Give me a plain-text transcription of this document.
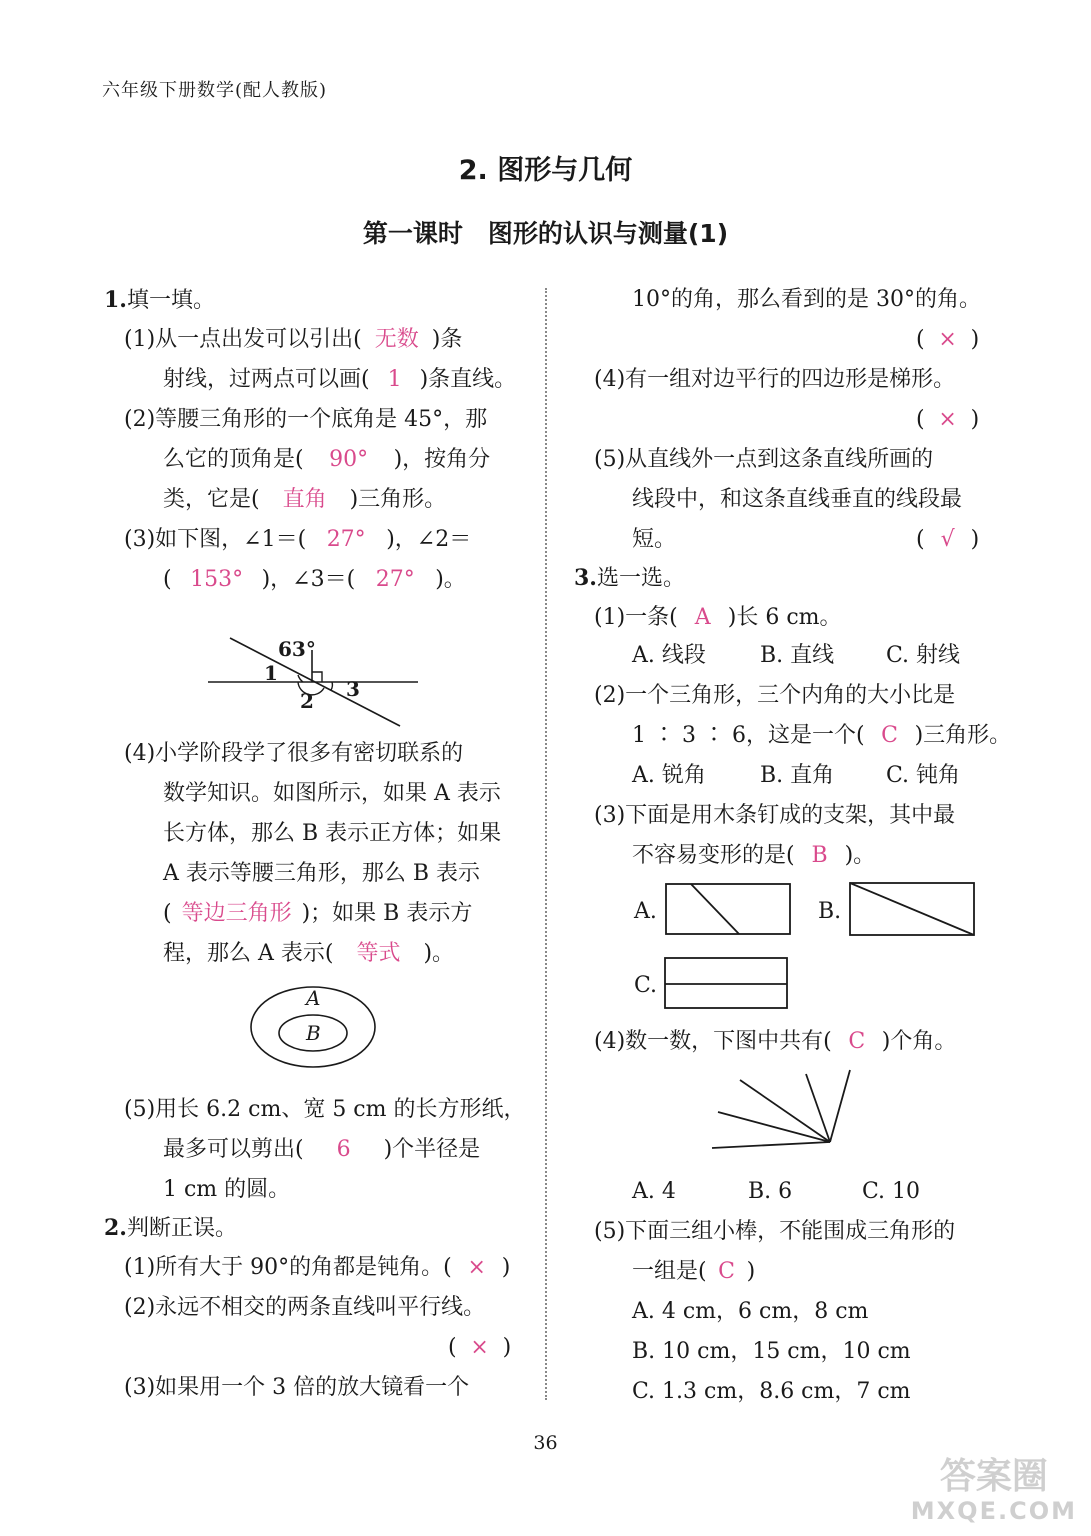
六年级下册数学(配人教版)
2. 图形与几何
第一课时　图形的认识与测量(1)
1.填一填。
(1)从一点出发可以引出( 无数 )条
射线，过两点可以画( 1 )条直线。
(2)等腰三角形的一个底角是 45°，那
么它的顶角是( 90° )，按角分
类，它是( 直角 )三角形。
(3)如下图，∠1＝( 27° )，∠2＝
( 153° )，∠3＝( 27° )。
63°
1
2 3
(4)小学阶段学了很多有密切联系的
数学知识。如图所示，如果 A 表示
长方体，那么 B 表示正方体；如果
A 表示等腰三角形，那么 B 表示
( 等边三角形 )；如果 B 表示方
程，那么 A 表示( 等式 )。
A
B
(5)用长 6.2 cm、宽 5 cm 的长方形纸，
最多可以剪出( 6 )个半径是
1 cm 的圆。
2.判断正误。
(1)所有大于 90°的角都是钝角。( × )
(2)永远不相交的两条直线叫平行线。
( × )
(3)如果用一个 3 倍的放大镜看一个
10°的角，那么看到的是 30°的角。
( × )
(4)有一组对边平行的四边形是梯形。
( × )
(5)从直线外一点到这条直线所画的
线段中，和这条直线垂直的线段最
短。	( √ )
3.选一选。
(1)一条( A )长 6 cm。
A. 线段 B. 直线 C. 射线
(2)一个三角形，三个内角的大小比是
1 ∶ 3 ∶ 6，这是一个( C )三角形。
A. 锐角 B. 直角 C. 钝角
(3)下面是用木条钉成的支架，其中最
不容易变形的是( B )。
A.	B.
C.
(4)数一数，下图中共有( C )个角。
A. 4	B. 6	C. 10
(5)下面三组小棒，不能围成三角形的
一组是( C )
A. 4 cm，6 cm，8 cm
B. 10 cm，15 cm，10 cm
C. 1.3 cm，8.6 cm，7 cm
36
答案圈
MXQE.COM
